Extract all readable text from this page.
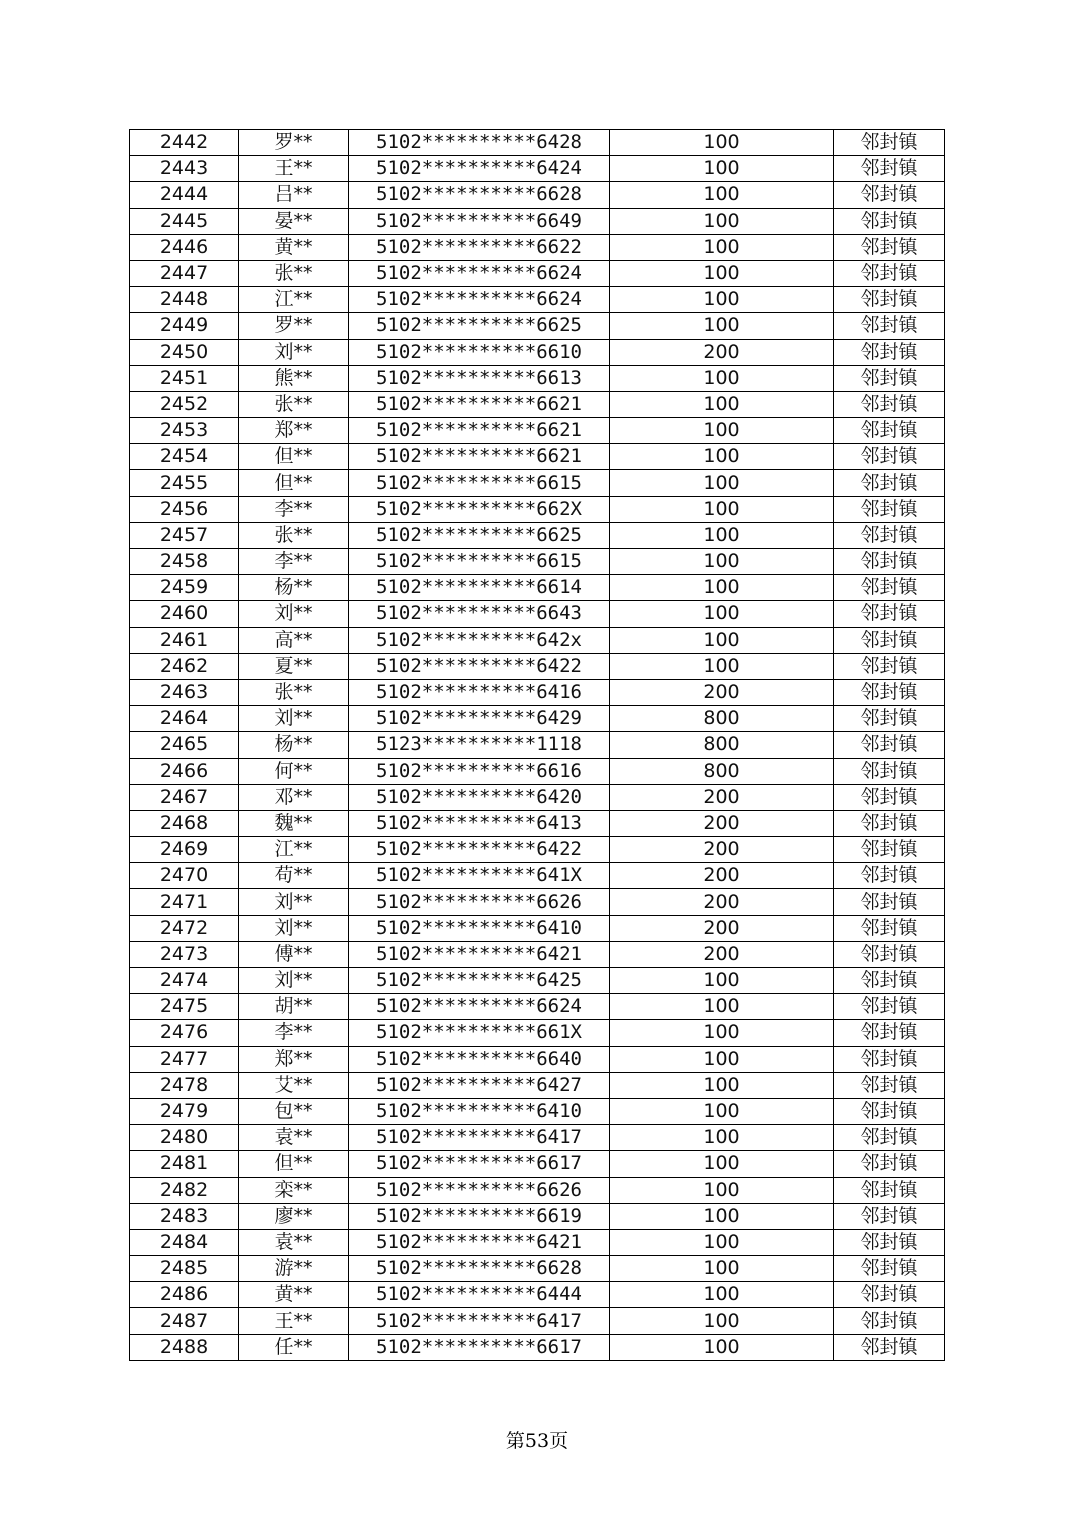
2442	罗**	5102**********6428	100	邻封镇
2443	王**	5102**********6424	100	邻封镇
2444	吕**	5102**********6628	100	邻封镇
2445	晏**	5102**********6649	100	邻封镇
2446	黄**	5102**********6622	100	邻封镇
2447	张**	5102**********6624	100	邻封镇
2448	江**	5102**********6624	100	邻封镇
2449	罗**	5102**********6625	100	邻封镇
2450	刘**	5102**********6610	200	邻封镇
2451	熊**	5102**********6613	100	邻封镇
2452	张**	5102**********6621	100	邻封镇
2453	郑**	5102**********6621	100	邻封镇
2454	但**	5102**********6621	100	邻封镇
2455	但**	5102**********6615	100	邻封镇
2456	李**	5102**********662X	100	邻封镇
2457	张**	5102**********6625	100	邻封镇
2458	李**	5102**********6615	100	邻封镇
2459	杨**	5102**********6614	100	邻封镇
2460	刘**	5102**********6643	100	邻封镇
2461	高**	5102**********642x	100	邻封镇
2462	夏**	5102**********6422	100	邻封镇
2463	张**	5102**********6416	200	邻封镇
2464	刘**	5102**********6429	800	邻封镇
2465	杨**	5123**********1118	800	邻封镇
2466	何**	5102**********6616	800	邻封镇
2467	邓**	5102**********6420	200	邻封镇
2468	魏**	5102**********6413	200	邻封镇
2469	江**	5102**********6422	200	邻封镇
2470	苟**	5102**********641X	200	邻封镇
2471	刘**	5102**********6626	200	邻封镇
2472	刘**	5102**********6410	200	邻封镇
2473	傅**	5102**********6421	200	邻封镇
2474	刘**	5102**********6425	100	邻封镇
2475	胡**	5102**********6624	100	邻封镇
2476	李**	5102**********661X	100	邻封镇
2477	郑**	5102**********6640	100	邻封镇
2478	艾**	5102**********6427	100	邻封镇
2479	包**	5102**********6410	100	邻封镇
2480	袁**	5102**********6417	100	邻封镇
2481	但**	5102**********6617	100	邻封镇
2482	栾**	5102**********6626	100	邻封镇
2483	廖**	5102**********6619	100	邻封镇
2484	袁**	5102**********6421	100	邻封镇
2485	游**	5102**********6628	100	邻封镇
2486	黄**	5102**********6444	100	邻封镇
2487	王**	5102**********6417	100	邻封镇
2488	任**	5102**********6617	100	邻封镇
第53页
